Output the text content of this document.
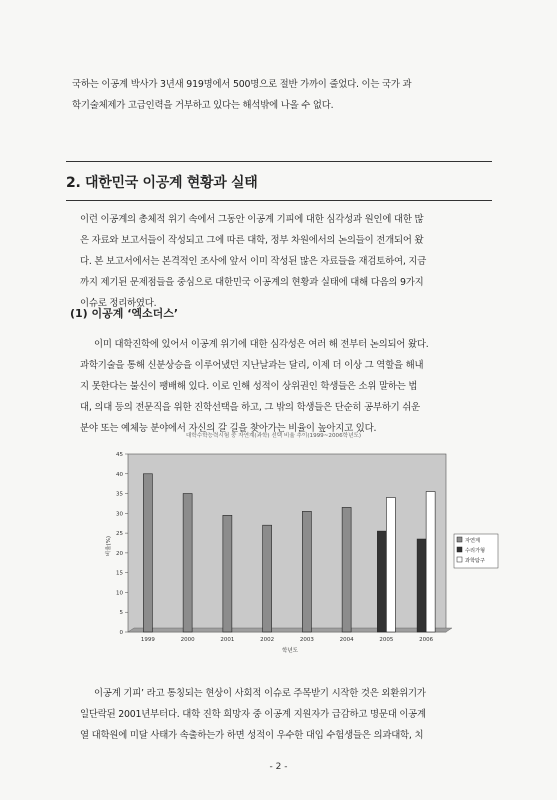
국하는 이공계 박사가 3년새 919명에서 500명으로 절반 가까이 줄었다. 이는 국가 과

학기술체제가 고급인력을 거부하고 있다는 해석밖에 나올 수 없다.

2. 대한민국 이공계 현황과 실태

이런 이공계의 총체적 위기 속에서 그동안 이공계 기피에 대한 심각성과 원인에 대한 많

은 자료와 보고서들이 작성되고 그에 따른 대학, 정부 차원에서의 논의들이 전개되어 왔

다. 본 보고서에서는 본격적인 조사에 앞서 이미 작성된 많은 자료들을 재검토하여, 지금

까지 제기된 문제점들을 중심으로 대한민국 이공계의 현황과 실태에 대해 다음의 9가지

이슈로 정리하였다.

(1) 이공계 ‘엑소더스’

이미 대학진학에 있어서 이공계 위기에 대한 심각성은 여러 해 전부터 논의되어 왔다.

과학기술을 통해 신분상승을 이루어냈던 지난날과는 달리, 이제 더 이상 그 역할을 해내

지 못한다는 불신이 팽배해 있다. 이로 인해 성적이 상위권인 학생들은 소위 말하는 법

대, 의대 등의 전문직을 위한 진학선택을 하고, 그 밖의 학생들은 단순히 공부하기 쉬운

분야 또는 예체능 분야에서 자신의 갈 길을 찾아가는 비율이 높아지고 있다.

대학수학능력시험 중 자연계(과학) 선택 비율 추이(1999~2006학년도)
0
5
10
15
20
25
30
35
40
45
1999	2000	2001	2002	2003	2004	2005	2006
자연계
수리가형
과학탐구
비율(%)
학년도

이공계 기피’ 라고 통칭되는 현상이 사회적 이슈로 주목받기 시작한 것은 외환위기가

일단락된 2001년부터다. 대학 진학 희망자 중 이공계 지원자가 급감하고 명문대 이공계

열 대학원에 미달 사태가 속출하는가 하면 성적이 우수한 대입 수험생들은 의과대학, 치

- 2 -
